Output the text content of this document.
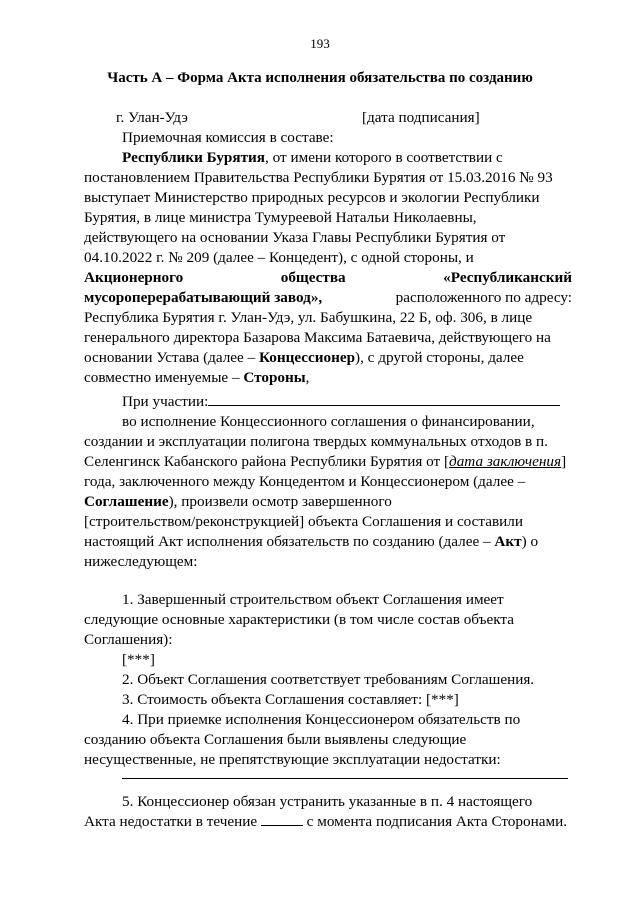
193
Часть А – Форма Акта исполнения обязательства по созданию
г. Улан-Удэ	[дата подписания]
Приемочная комиссия в составе:
Республики Бурятия, от имени которого в соответствии с
постановлением Правительства Республики Бурятия от 15.03.2016 № 93
выступает Министерство природных ресурсов и экологии Республики
Бурятия, в лице министра Тумуреевой Натальи Николаевны,
действующего на основании Указа Главы Республики Бурятия от
04.10.2022 г. № 209 (далее – Концедент), с одной стороны, и
Акционерного	общества	«Республиканский
мусороперерабатывающий завод»,	расположенного по адресу:
Республика Бурятия г. Улан-Удэ, ул. Бабушкина, 22 Б, оф. 306, в лице
генерального директора Базарова Максима Батаевича, действующего на
основании Устава (далее – Концессионер), с другой стороны, далее
совместно именуемые – Стороны,
При участии:
во исполнение Концессионного соглашения о финансировании,
создании и эксплуатации полигона твердых коммунальных отходов в п.
Селенгинск Кабанского района Республики Бурятия от [дата заключения]
года, заключенного между Концедентом и Концессионером (далее –
Соглашение), произвели осмотр завершенного
[строительством/реконструкцией] объекта Соглашения и составили
настоящий Акт исполнения обязательств по созданию (далее – Акт) о
нижеследующем:
1. Завершенный строительством объект Соглашения имеет
следующие основные характеристики (в том числе состав объекта
Соглашения):
[***]
2. Объект Соглашения соответствует требованиям Соглашения.
3. Стоимость объекта Соглашения составляет: [***]
4. При приемке исполнения Концессионером обязательств по
созданию объекта Соглашения были выявлены следующие
несущественные, не препятствующие эксплуатации недостатки:
5. Концессионер обязан устранить указанные в п. 4 настоящего
Акта недостатки в течение	с момента подписания Акта Сторонами.
